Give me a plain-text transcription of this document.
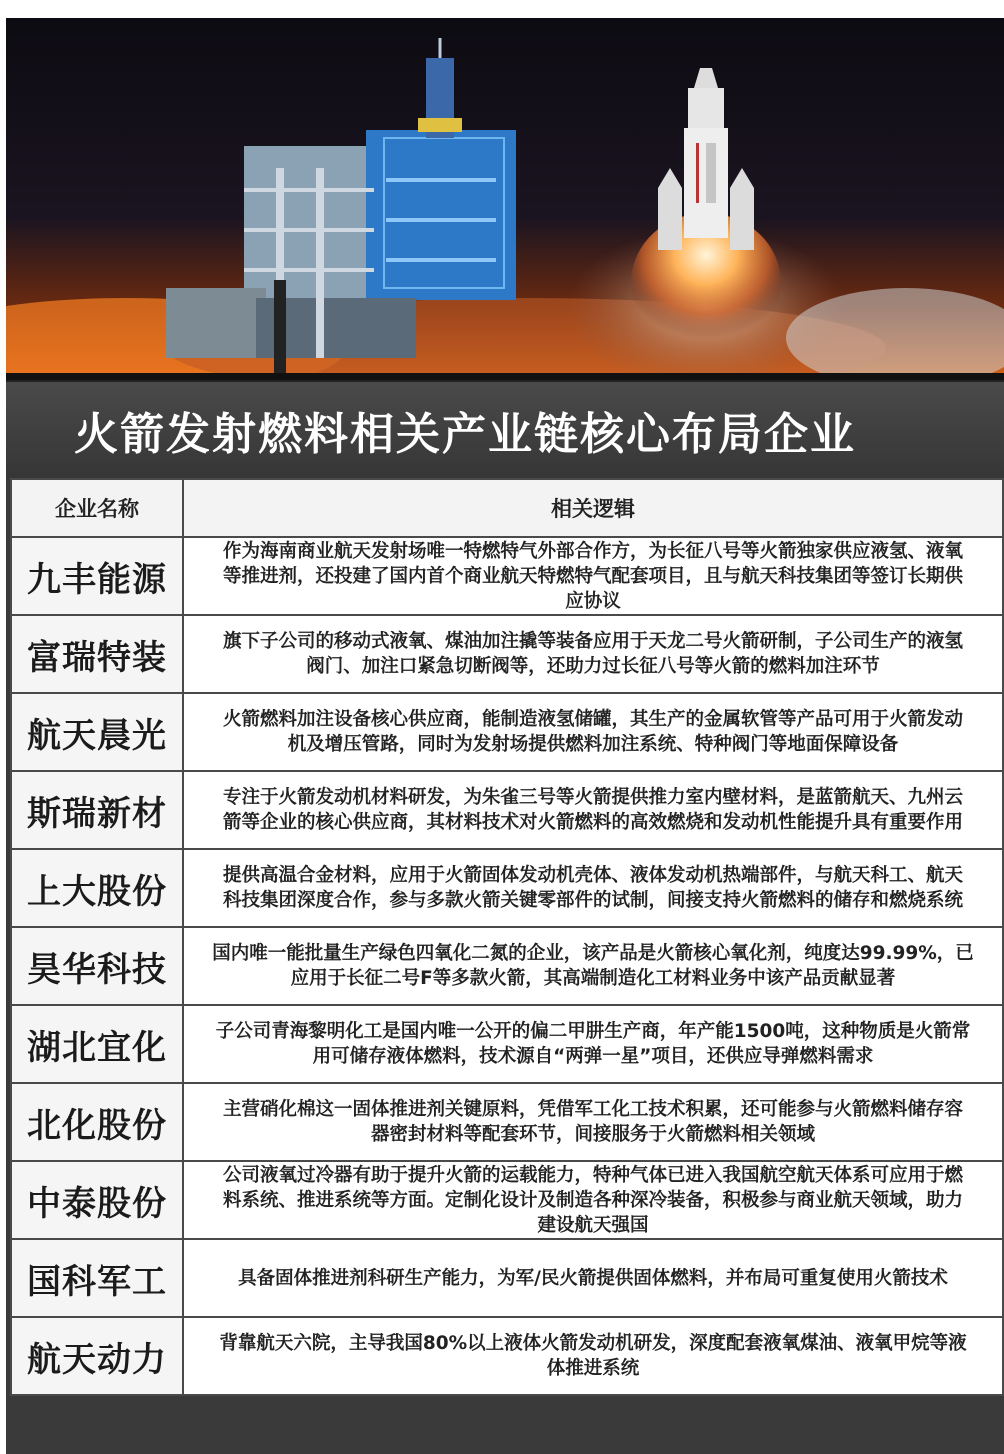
火箭发射燃料相关产业链核心布局企业
企业名称	相关逻辑
九丰能源	作为海南商业航天发射场唯一特燃特气外部合作方，为长征八号等火箭独家供应液氢、液氧
等推进剂，还投建了国内首个商业航天特燃特气配套项目，且与航天科技集团等签订长期供
应协议

富瑞特装	旗下子公司的移动式液氧、煤油加注撬等装备应用于天龙二号火箭研制，子公司生产的液氢
阀门、加注口紧急切断阀等，还助力过长征八号等火箭的燃料加注环节

航天晨光	火箭燃料加注设备核心供应商，能制造液氢储罐，其生产的金属软管等产品可用于火箭发动
机及增压管路，同时为发射场提供燃料加注系统、特种阀门等地面保障设备

斯瑞新材	专注于火箭发动机材料研发，为朱雀三号等火箭提供推力室内壁材料，是蓝箭航天、九州云
箭等企业的核心供应商，其材料技术对火箭燃料的高效燃烧和发动机性能提升具有重要作用

上大股份	提供高温合金材料，应用于火箭固体发动机壳体、液体发动机热端部件，与航天科工、航天
科技集团深度合作，参与多款火箭关键零部件的试制，间接支持火箭燃料的储存和燃烧系统

昊华科技	国内唯一能批量生产绿色四氧化二氮的企业，该产品是火箭核心氧化剂，纯度达99.99%，已
应用于长征二号F等多款火箭，其高端制造化工材料业务中该产品贡献显著

湖北宜化	子公司青海黎明化工是国内唯一公开的偏二甲肼生产商，年产能1500吨，这种物质是火箭常
用可储存液体燃料，技术源自“两弹一星”项目，还供应导弹燃料需求

北化股份	主营硝化棉这一固体推进剂关键原料，凭借军工化工技术积累，还可能参与火箭燃料储存容
器密封材料等配套环节，间接服务于火箭燃料相关领域

中泰股份	公司液氧过冷器有助于提升火箭的运载能力，特种气体已进入我国航空航天体系可应用于燃
料系统、推进系统等方面。定制化设计及制造各种深冷装备，积极参与商业航天领域，助力
建设航天强国

国科军工	具备固体推进剂科研生产能力，为军/民火箭提供固体燃料，并布局可重复使用火箭技术

航天动力	背靠航天六院，主导我国80%以上液体火箭发动机研发，深度配套液氧煤油、液氧甲烷等液
体推进系统
